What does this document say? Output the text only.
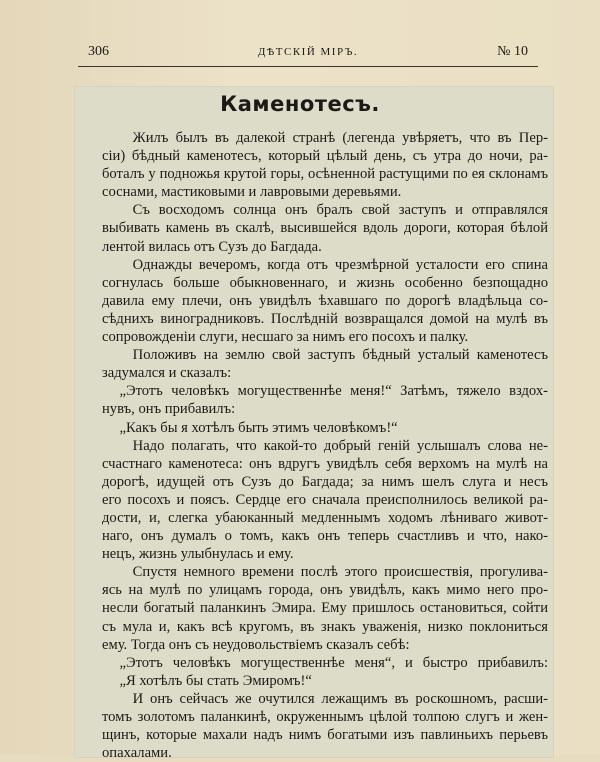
306	ДѢТСКІЙ МІРЪ.	№ 10
Каменотесъ.
Жилъ былъ въ далекой странѣ (легенда увѣряетъ, что въ Пер-
сіи) бѣдный каменотесъ, который цѣлый день, съ утра до ночи, ра-
боталъ у подножья крутой горы, осѣненной растущими по ея склонамъ
соснами, мастиковыми и лавровыми деревьями.
Съ восходомъ солнца онъ бралъ свой заступъ и отправлялся
выбивать камень въ скалѣ, высившейся вдоль дороги, которая бѣлой
лентой вилась отъ Сузъ до Багдада.
Однажды вечеромъ, когда отъ чрезмѣрной усталости его спина
согнулась больше обыкновеннаго, и жизнь особенно безпощадно
давила ему плечи, онъ увидѣлъ ѣхавшаго по дорогѣ владѣльца со-
сѣднихъ виноградниковъ. Послѣдній возвращался домой на мулѣ въ
сопровожденіи слуги, несшаго за нимъ его посохъ и палку.
Положивъ на землю свой заступъ бѣдный усталый каменотесъ
задумался и сказалъ:
„Этотъ человѣкъ могущественнѣе меня!“ Затѣмъ, тяжело вздох-
нувъ, онъ прибавилъ:
„Какъ бы я хотѣлъ быть этимъ человѣкомъ!“
Надо полагать, что какой-то добрый геній услышалъ слова не-
счастнаго каменотеса: онъ вдругъ увидѣлъ себя верхомъ на мулѣ на
дорогѣ, идущей отъ Сузъ до Багдада; за нимъ шелъ слуга и несъ
его посохъ и поясъ. Сердце его сначала преисполнилось великой ра-
дости, и, слегка убаюканный медленнымъ ходомъ лѣниваго живот-
наго, онъ думалъ о томъ, какъ онъ теперь счастливъ и что, нако-
нецъ, жизнь улыбнулась и ему.
Спустя немного времени послѣ этого происшествія, прогулива-
ясь на мулѣ по улицамъ города, онъ увидѣлъ, какъ мимо него про-
несли богатый паланкинъ Эмира. Ему пришлось остановиться, сойти
съ мула и, какъ всѣ кругомъ, въ знакъ уваженія, низко поклониться
ему. Тогда онъ съ неудовольствіемъ сказалъ себѣ:
„Этотъ человѣкъ могущественнѣе меня“, и быстро прибавилъ:
„Я хотѣлъ бы стать Эмиромъ!“
И онъ сейчасъ же очутился лежащимъ въ роскошномъ, расши-
томъ золотомъ паланкинѣ, окруженнымъ цѣлой толпою слугъ и жен-
щинъ, которые махали надъ нимъ богатыми изъ павлиньихъ перьевъ
опахалами.
